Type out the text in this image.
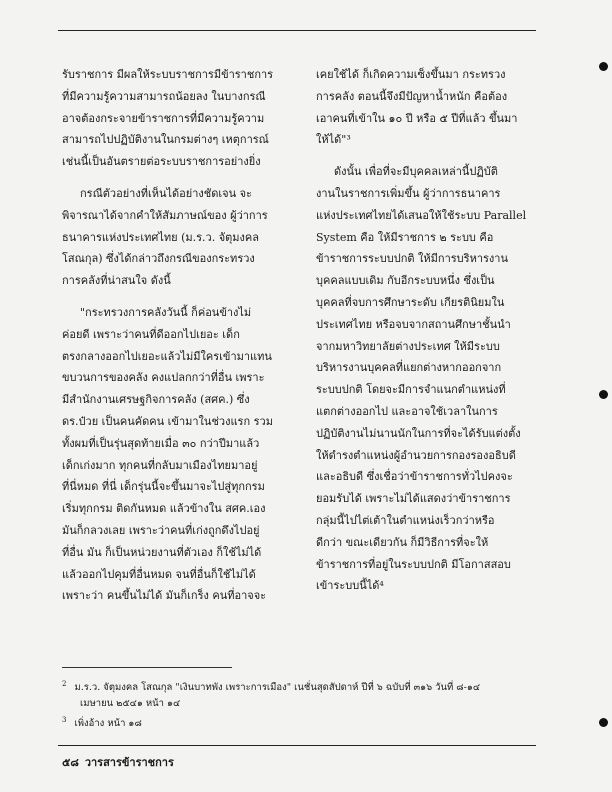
รับราชการ มีผลให้ระบบราชการมีข้าราชการ
ที่มีความรู้ความสามารถน้อยลง ในบางกรณี
อาจต้องกระจายข้าราชการที่มีความรู้ความ
สามารถไปปฏิบัติงานในกรมต่างๆ เหตุการณ์
เช่นนี้เป็นอันตรายต่อระบบราชการอย่างยิ่ง
กรณีตัวอย่างที่เห็นได้อย่างชัดเจน จะ
พิจารณาได้จากคำให้สัมภาษณ์ของ ผู้ว่าการ
ธนาคารแห่งประเทศไทย (ม.ร.ว. จัตุมงคล
โสณกุล) ซึ่งได้กล่าวถึงกรณีของกระทรวง
การคลังที่น่าสนใจ ดังนี้
"กระทรวงการคลังวันนี้ ก็ค่อนข้างไม่
ค่อยดี เพราะว่าคนที่ดีออกไปเยอะ เด็ก
ตรงกลางออกไปเยอะแล้วไม่มีใครเข้ามาแทน
ขบวนการของคลัง คงแปลกกว่าที่อื่น เพราะ
มีสำนักงานเศรษฐกิจการคลัง (สศค.) ซึ่ง
ดร.ป๋วย เป็นคนคัดคน เข้ามาในช่วงแรก รวม
ทั้งผมที่เป็นรุ่นสุดท้ายเมื่อ ๓๐ กว่าปีมาแล้ว
เด็กเก่งมาก ทุกคนที่กลับมาเมืองไทยมาอยู่
ที่นี่หมด ที่นี่ เด็กรุ่นนี้จะขึ้นมาจะไปสู่ทุกกรม
เริ่มทุกกรม ติดกันหมด แล้วข้างใน สศค.เอง
มันก็กลวงเลย เพราะว่าคนที่เก่งถูกดึงไปอยู่
ที่อื่น มัน ก็เป็นหน่วยงานที่ตัวเอง ก็ใช้ไม่ได้
แล้วออกไปคุมที่อื่นหมด จนที่อื่นก็ใช้ไม่ได้
เพราะว่า คนขึ้นไม่ได้ มันก็เกร็ง คนที่อาจจะ
เคยใช้ได้ ก็เกิดความเซ็งขึ้นมา กระทรวง
การคลัง ตอนนี้จึงมีปัญหาน้ำหนัก คือต้อง
เอาคนที่เข้าใน ๑๐ ปี หรือ ๕ ปีที่แล้ว ขึ้นมา
ให้ได้"³
ดังนั้น เพื่อที่จะมีบุคคลเหล่านี้ปฏิบัติ
งานในราชการเพิ่มขึ้น ผู้ว่าการธนาคาร
แห่งประเทศไทยได้เสนอให้ใช้ระบบ Parallel
System คือ ให้มีราชการ ๒ ระบบ คือ
ข้าราชการระบบปกติ ให้มีการบริหารงาน
บุคคลแบบเดิม กับอีกระบบหนึ่ง ซึ่งเป็น
บุคคลที่จบการศึกษาระดับ เกียรตินิยมใน
ประเทศไทย หรือจบจากสถานศึกษาชั้นนำ
จากมหาวิทยาลัยต่างประเทศ ให้มีระบบ
บริหารงานบุคคลที่แยกต่างหากออกจาก
ระบบปกติ โดยจะมีการจำแนกตำแหน่งที่
แตกต่างออกไป และอาจใช้เวลาในการ
ปฏิบัติงานไม่นานนักในการที่จะได้รับแต่งตั้ง
ให้ดำรงตำแหน่งผู้อำนวยการกองรองอธิบดี
และอธิบดี ซึ่งเชื่อว่าข้าราชการทั่วไปคงจะ
ยอมรับได้ เพราะไม่ได้แสดงว่าข้าราชการ
กลุ่มนี้ไปไต่เต้าในตำแหน่งเร็วกว่าหรือ
ดีกว่า ขณะเดียวกัน ก็มีวิธีการที่จะให้
ข้าราชการที่อยู่ในระบบปกติ มีโอกาสสอบ
เข้าระบบนี้ได้⁴
$^2$ ม.ร.ว. จัตุมงคล โสณกุล "เงินบาทพัง เพราะการเมือง" เนชั่นสุดสัปดาห์ ปีที่ ๖ ฉบับที่ ๓๑๖ วันที่ ๘-๑๔
เมษายน ๒๕๔๑ หน้า ๑๔
$^3$ เพิ่งอ้าง หน้า ๑๘
๕๘ วารสารข้าราชการ
